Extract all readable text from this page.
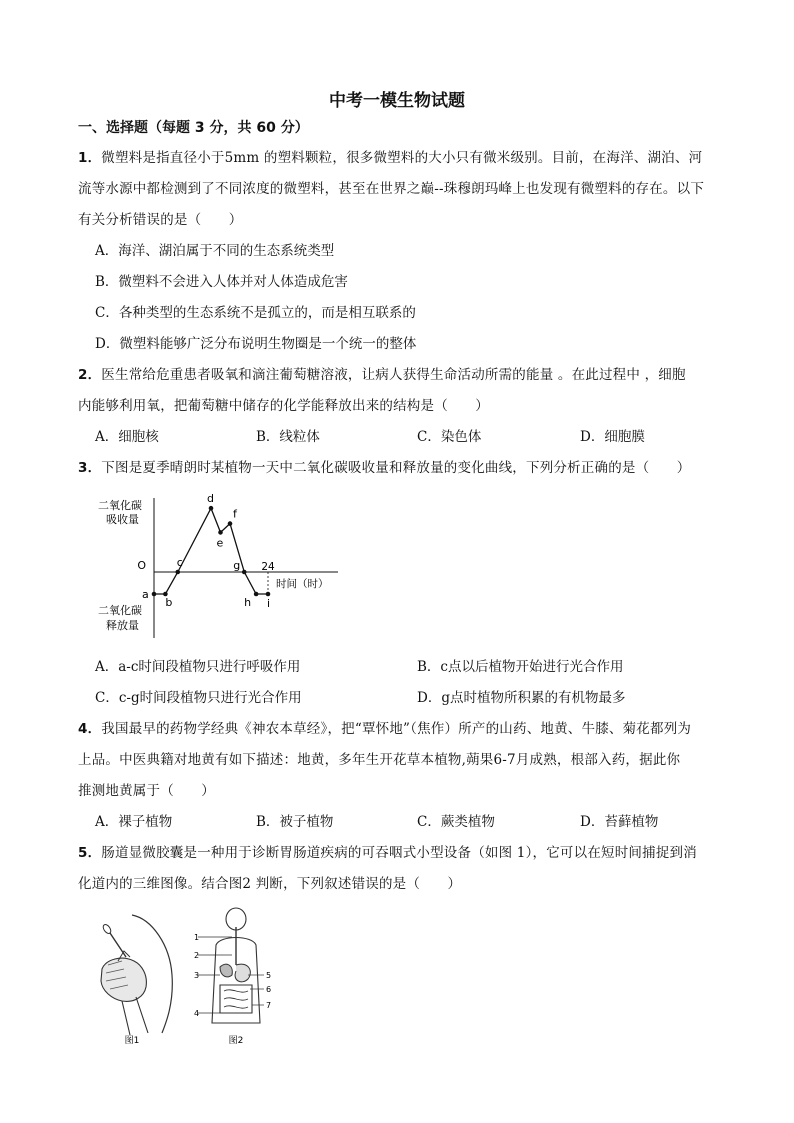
中考一模生物试题
一、选择题（每题 3 分，共 60 分）
1．微塑料是指直径小于5mm 的塑料颗粒，很多微塑料的大小只有微米级别。目前，在海洋、湖泊、河
流等水源中都检测到了不同浓度的微塑料，甚至在世界之巅--珠穆朗玛峰上也发现有微塑料的存在。以下
有关分析错误的是（　　）
A．海洋、湖泊属于不同的生态系统类型
B．微塑料不会进入人体并对人体造成危害
C．各种类型的生态系统不是孤立的，而是相互联系的
D．微塑料能够广泛分布说明生物圈是一个统一的整体
2．医生常给危重患者吸氧和滴注葡萄糖溶液，让病人获得生命活动所需的能量 。在此过程中 ，细胞
内能够利用氧，把葡萄糖中储存的化学能释放出来的结构是（　　）
A．细胞核	B．线粒体	C．染色体	D．细胞膜
3．下图是夏季晴朗时某植物一天中二氧化碳吸收量和释放量的变化曲线，下列分析正确的是（　　）
二氧化碳
吸收量
二氧化碳
释放量
O
时间（时）
24
a
b
c
d
e
f
g
h i
A．a-c时间段植物只进行呼吸作用	B．c点以后植物开始进行光合作用
C．c-g时间段植物只进行光合作用	D．g点时植物所积累的有机物最多
4．我国最早的药物学经典《神农本草经》，把“覃怀地”（焦作）所产的山药、地黄、牛膝、菊花都列为
上品。中医典籍对地黄有如下描述：地黄，多年生开花草本植物,蒴果6-7月成熟，根部入药，据此你
推测地黄属于（　　）
A．裸子植物	B．被子植物	C．蕨类植物	D．苔藓植物
5．肠道显微胶囊是一种用于诊断胃肠道疾病的可吞咽式小型设备（如图 1），它可以在短时间捕捉到消
化道内的三维图像。结合图2 判断，下列叙述错误的是（　　）
图1
1
2
3
4
5
6
7
图2
